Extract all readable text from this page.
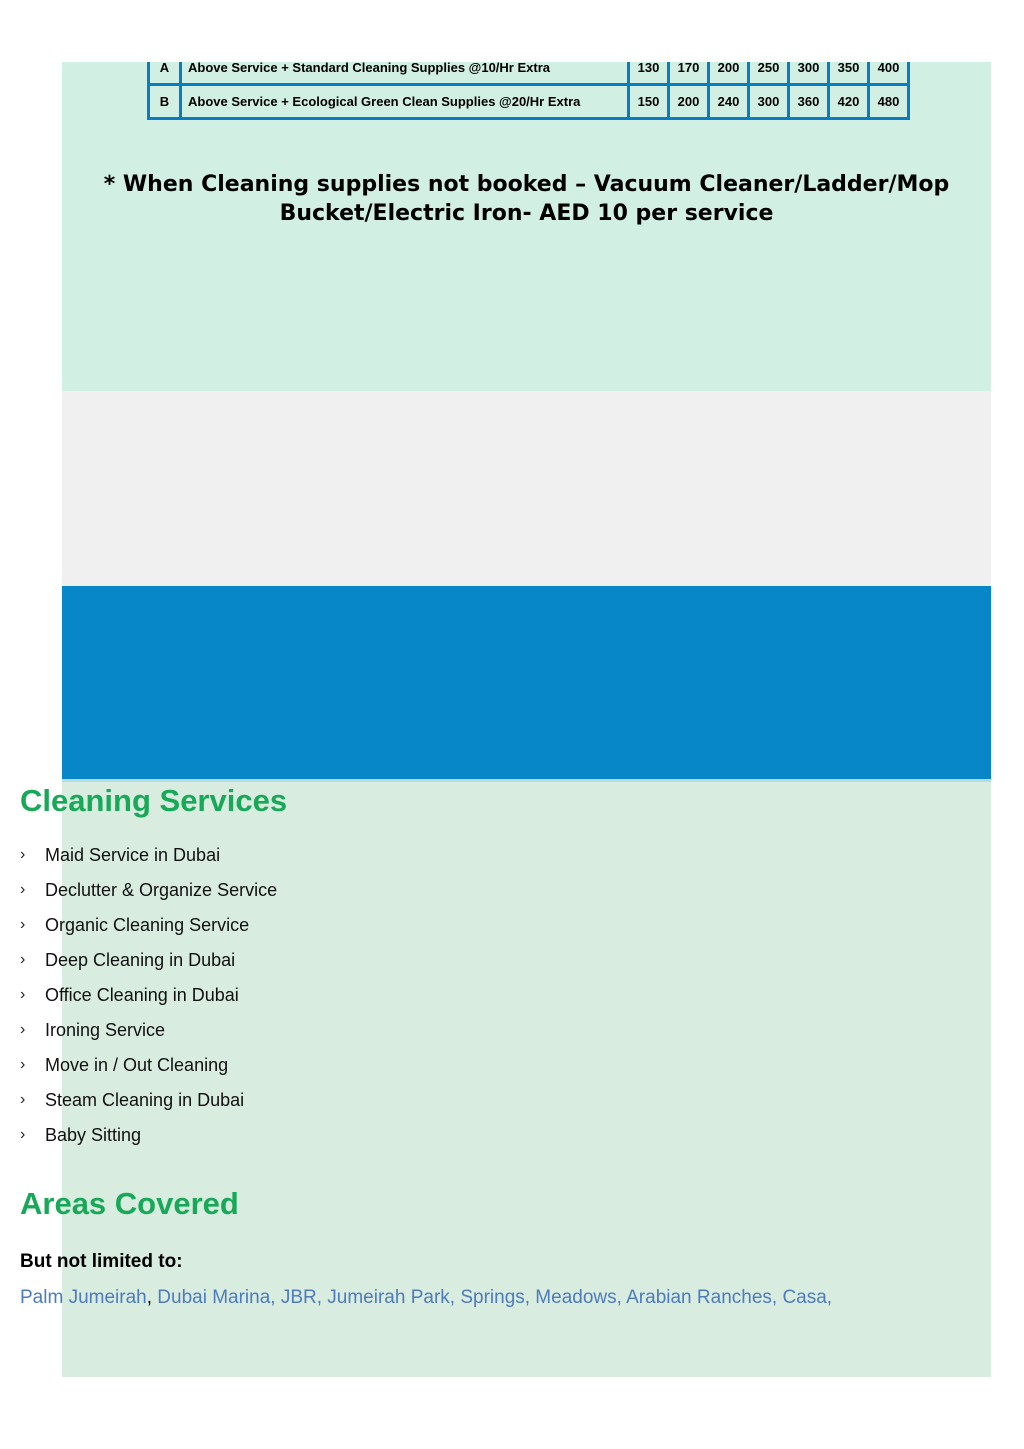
A	Above Service + Standard Cleaning Supplies @10/Hr Extra	130	170	200	250	300	350	400
B	Above Service + Ecological Green Clean Supplies @20/Hr Extra	150	200	240	300	360	420	480
* When Cleaning supplies not booked – Vacuum Cleaner/Ladder/Mop
Bucket/Electric Iron- AED 10 per service
Cleaning Services
›	Maid Service in Dubai
›	Declutter & Organize Service
›	Organic Cleaning Service
›	Deep Cleaning in Dubai
›	Office Cleaning in Dubai
›	Ironing Service
›	Move in / Out Cleaning
›	Steam Cleaning in Dubai
›	Baby Sitting
Areas Covered
But not limited to:
Palm Jumeirah, Dubai Marina, JBR, Jumeirah Park, Springs, Meadows, Arabian Ranches, Casa,
